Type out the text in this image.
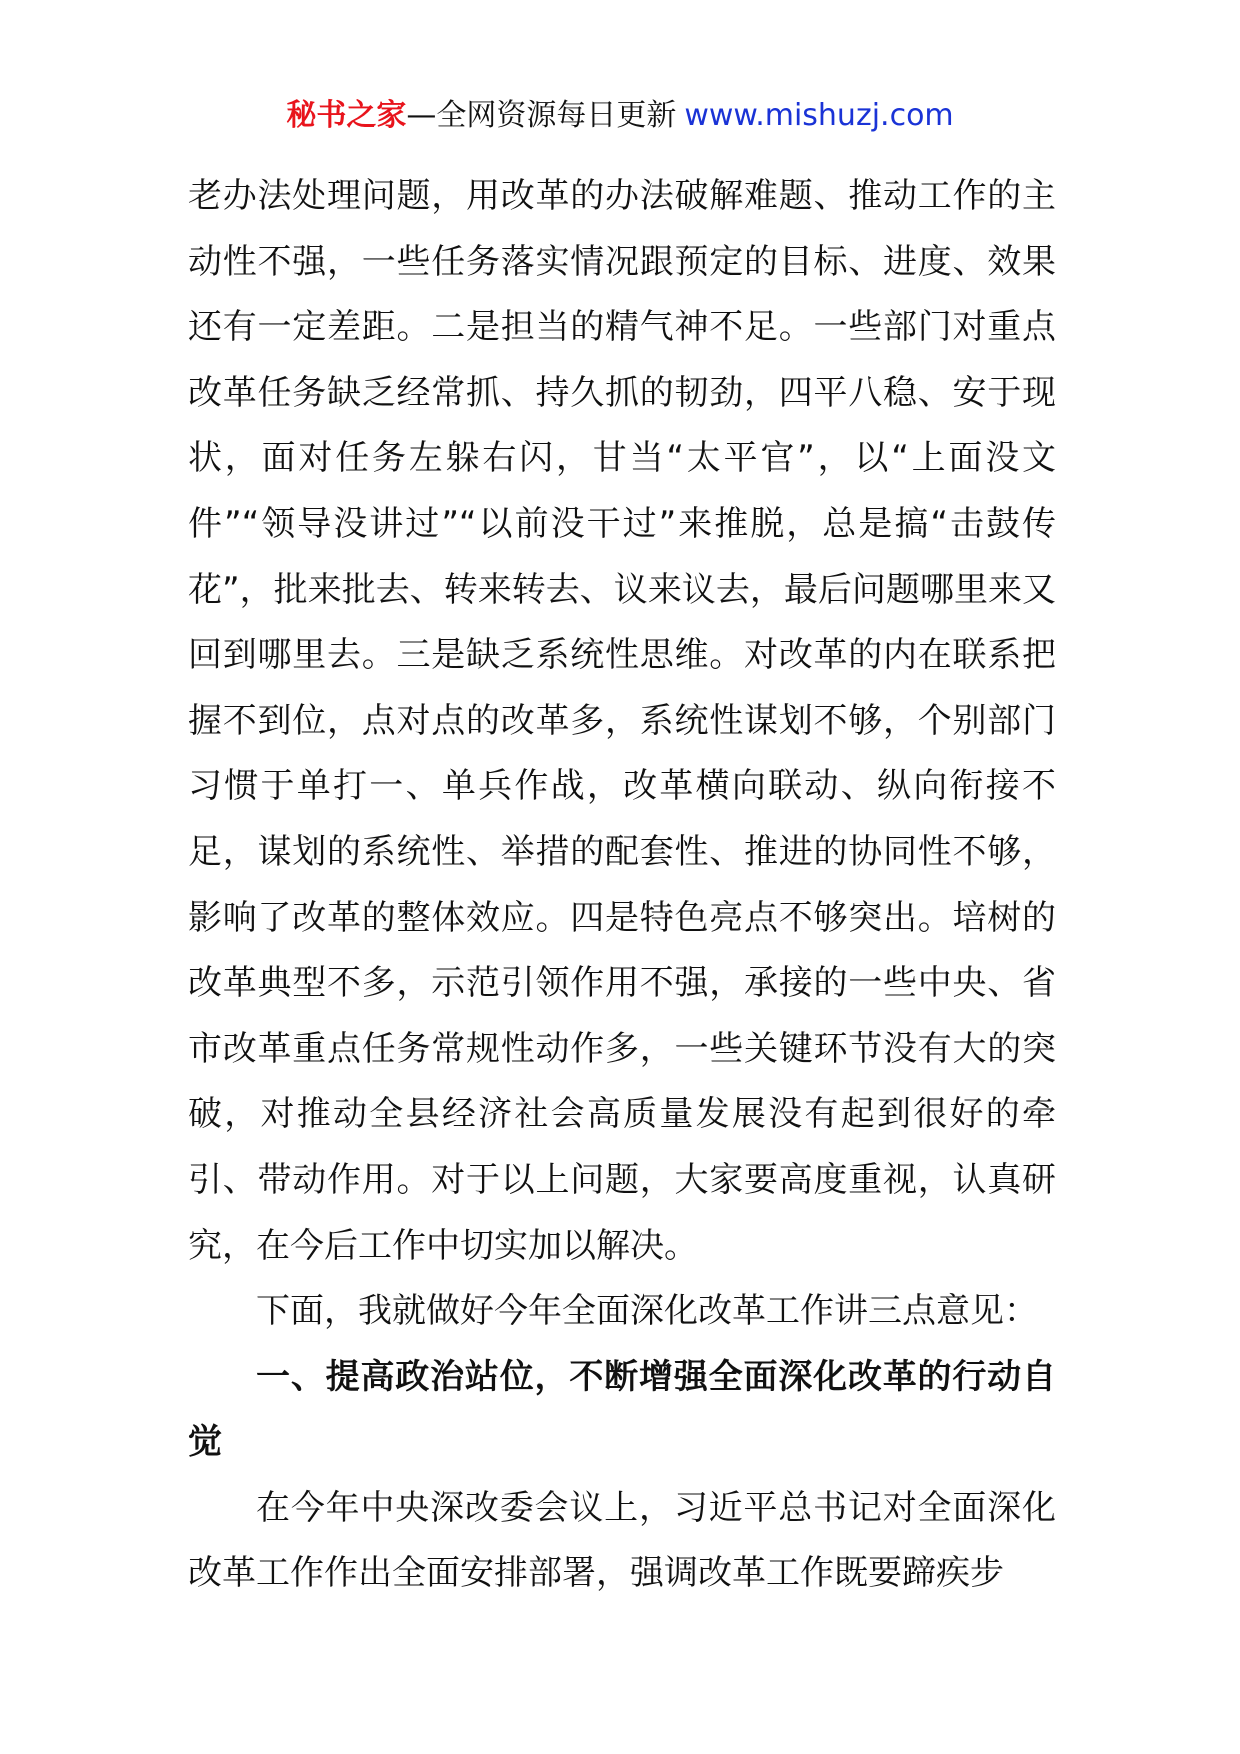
秘书之家—全网资源每日更新 www.mishuzj.com

老办法处理问题，用改革的办法破解难题、推动工作的主动性不强，一些任务落实情况跟预定的目标、进度、效果还有一定差距。二是担当的精气神不足。一些部门对重点改革任务缺乏经常抓、持久抓的韧劲，四平八稳、安于现状，面对任务左躲右闪，甘当“太平官”，以“上面没文件”“领导没讲过”“以前没干过”来推脱，总是搞“击鼓传花”，批来批去、转来转去、议来议去，最后问题哪里来又回到哪里去。三是缺乏系统性思维。对改革的内在联系把握不到位，点对点的改革多，系统性谋划不够，个别部门习惯于单打一、单兵作战，改革横向联动、纵向衔接不足，谋划的系统性、举措的配套性、推进的协同性不够，影响了改革的整体效应。四是特色亮点不够突出。培树的改革典型不多，示范引领作用不强，承接的一些中央、省市改革重点任务常规性动作多，一些关键环节没有大的突破，对推动全县经济社会高质量发展没有起到很好的牵引、带动作用。对于以上问题，大家要高度重视，认真研究，在今后工作中切实加以解决。

下面，我就做好今年全面深化改革工作讲三点意见：

一、提高政治站位，不断增强全面深化改革的行动自觉

在今年中央深改委会议上，习近平总书记对全面深化改革工作作出全面安排部署，强调改革工作既要蹄疾步
